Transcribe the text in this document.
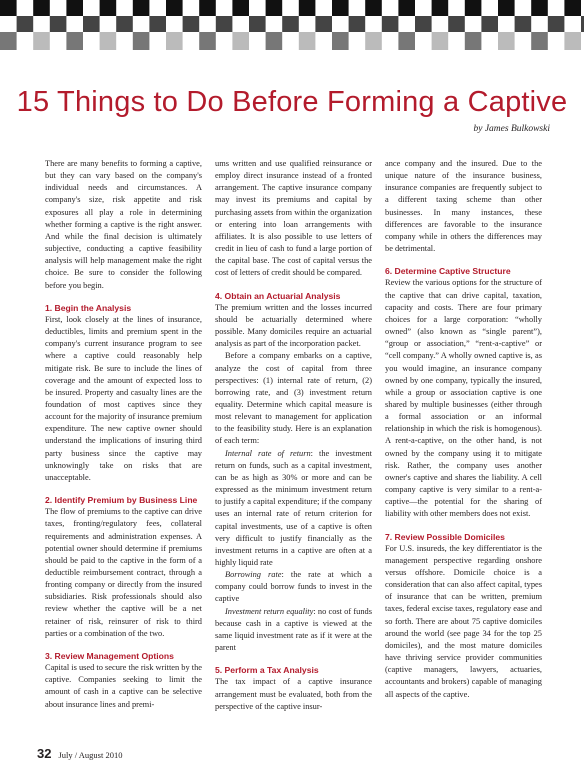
15 Things to Do Before Forming a Captive
by James Bulkowski

There are many benefits to forming a captive, but they can vary based on the company's individual needs and circumstances. A company's size, risk appetite and risk exposures all play a role in determining whether forming a captive is the right answer. And while the final decision is ultimately subjective, conducting a captive feasibility analysis will help management make the right choice. Be sure to consider the following before you begin.

1. Begin the Analysis

First, look closely at the lines of insurance, deductibles, limits and premium spent in the company's current insurance program to see where a captive could reasonably help mitigate risk. Be sure to include the lines of coverage and the amount of expected loss to be insured. Property and casualty lines are the foundation of most captives since they account for the majority of insurance premium expenditure. The new captive owner should understand the implications of insuring third party business since the captive may unknowingly take on risks that are unacceptable.

2. Identify Premium by Business Line

The flow of premiums to the captive can drive taxes, fronting/regulatory fees, collateral requirements and administration expenses. A potential owner should determine if premiums should be paid to the captive in the form of a deductible reimbursement contract, through a fronting company or directly from the insured subsidiaries. Risk professionals should also review whether the captive will be a net retainer of risk, reinsurer of risk to third parties or a combination of the two.

3. Review Management Options

Capital is used to secure the risk written by the captive. Companies seeking to limit the amount of cash in a captive can be selective about insurance lines and premi-

ums written and use qualified reinsurance or employ direct insurance instead of a fronted arrangement. The captive insurance company may invest its premiums and capital by purchasing assets from within the organization or entering into loan arrangements with affiliates. It is also possible to use letters of credit in lieu of cash to fund a large portion of the capital base. The cost of capital versus the cost of letters of credit should be compared.

4. Obtain an Actuarial Analysis

The premium written and the losses incurred should be actuarially determined where possible. Many domiciles require an actuarial analysis as part of the incorporation packet.

Before a company embarks on a captive, analyze the cost of capital from three perspectives: (1) internal rate of return, (2) borrowing rate, and (3) investment return equality. Determine which capital measure is most relevant to management for application to the feasibility study. Here is an explanation of each term:

Internal rate of return: the investment return on funds, such as a capital investment, can be as high as 30% or more and can be expressed as the minimum investment return to justify a capital expenditure; if the company uses an internal rate of return criterion for capital investments, use of a captive is often very difficult to justify financially as the investment returns in a captive are often at a highly liquid rate

Borrowing rate: the rate at which a company could borrow funds to invest in the captive

Investment return equality: no cost of funds because cash in a captive is viewed at the same liquid investment rate as if it were at the parent

5. Perform a Tax Analysis

The tax impact of a captive insurance arrangement must be evaluated, both from the perspective of the captive insur-

ance company and the insured. Due to the unique nature of the insurance business, insurance companies are frequently subject to a different taxing scheme than other businesses. In many instances, these differences are favorable to the insurance company while in others the differences may be detrimental.

6. Determine Captive Structure

Review the various options for the structure of the captive that can drive capital, taxation, capacity and costs. There are four primary choices for a large corporation: “wholly owned” (also known as “single parent”), “group or association,” “rent-a-captive” or “cell company.” A wholly owned captive is, as you would imagine, an insurance company owned by one company, typically the insured, while a group or association captive is one shared by multiple businesses (either through a formal association or an informal relationship in which the risk is homogenous). A rent-a-captive, on the other hand, is not owned by the company using it to mitigate risk. Rather, the company uses another owner's captive and shares the liability. A cell company captive is very similar to a rent-a-captive—the potential for the sharing of liability with other members does not exist.

7. Review Possible Domiciles

For U.S. insureds, the key differentiator is the management perspective regarding onshore versus offshore. Domicile choice is a consideration that can also affect capital, types of insurance that can be written, premium taxes, federal excise taxes, regulatory ease and so forth. There are about 75 captive domiciles around the world (see page 34 for the top 25 domiciles), and the most mature domiciles have thriving service provider communities (captive managers, lawyers, actuaries, accountants and brokers) capable of managing all aspects of the captive.

32 July / August 2010
